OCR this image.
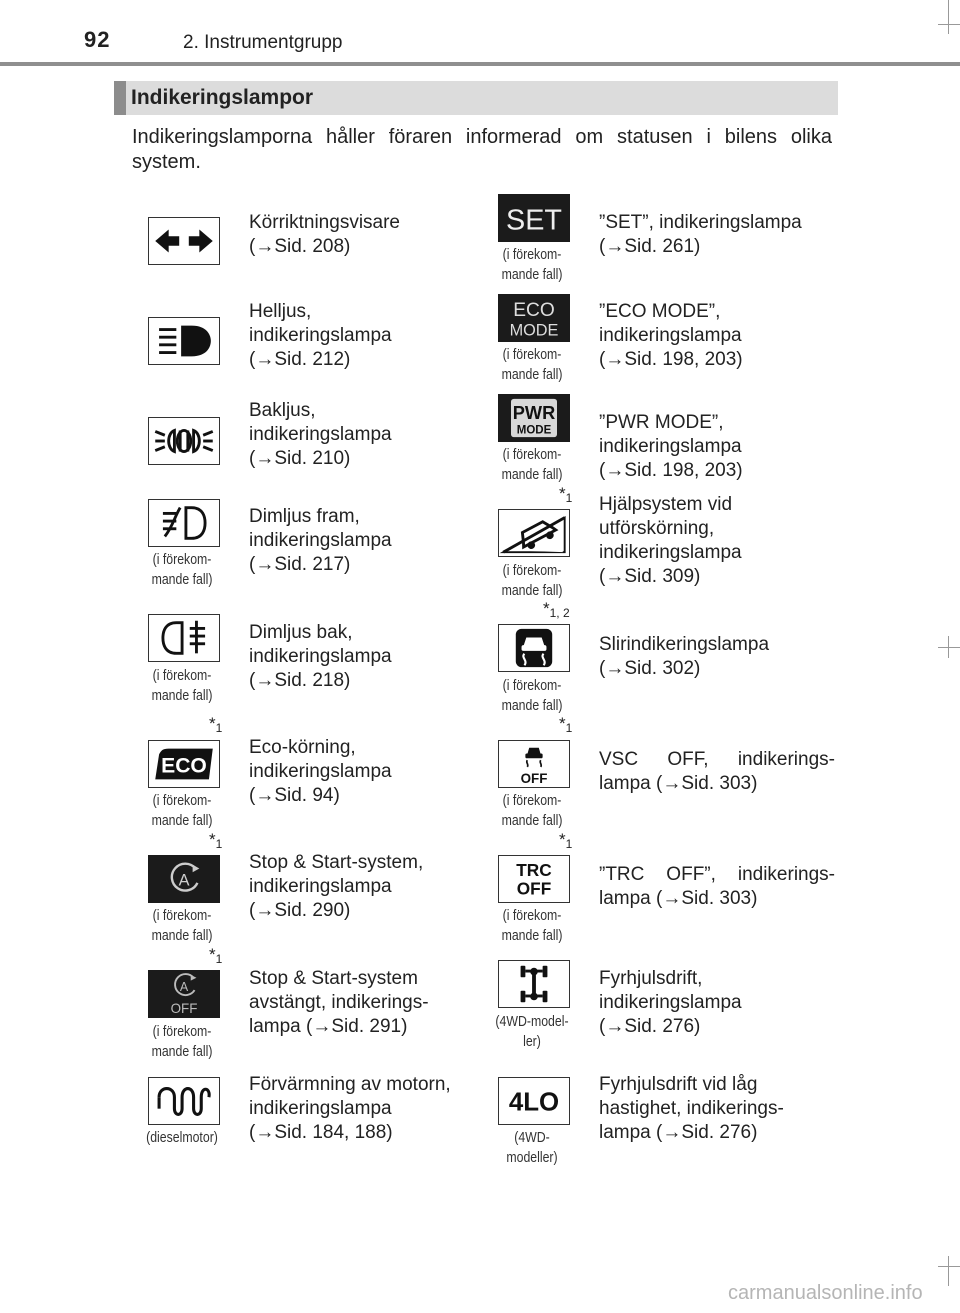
92	2. Instrumentgrupp
Indikeringslampor
Indikeringslamporna håller föraren informerad om statusen i bilens olika system.
Körriktningsvisare
(→Sid. 208)
Helljus,
indikeringslampa
(→Sid. 212)
Bakljus,
indikeringslampa
(→Sid. 210)
(i förekom-
mande fall)
Dimljus fram,
indikeringslampa
(→Sid. 217)
(i förekom-
mande fall)
Dimljus bak,
indikeringslampa
(→Sid. 218)
$*_1$
ECO
(i förekom-
mande fall)
Eco-körning,
indikeringslampa
(→Sid. 94)
$*_1$
A
(i förekom-
mande fall)
Stop & Start-system,
indikeringslampa
(→Sid. 290)
$*_1$
A
OFF
(i förekom-
mande fall)
Stop & Start-system
avstängt, indikerings-
lampa (→Sid. 291)
(dieselmotor)
Förvärmning av motorn,
indikeringslampa
(→Sid. 184, 188)
SET
(i förekom-
mande fall)
”SET”, indikeringslampa
(→Sid. 261)
ECO
MODE
(i förekom-
mande fall)
”ECO MODE”,
indikeringslampa
(→Sid. 198, 203)
PWR
MODE
(i förekom-
mande fall)
”PWR MODE”,
indikeringslampa
(→Sid. 198, 203)
$*_1$
(i förekom-
mande fall)
Hjälpsystem vid
utförskörning,
indikeringslampa
(→Sid. 309)
$*_{1, 2}$
(i förekom-
mande fall)
Slirindikeringslampa
(→Sid. 302)
$*_1$
OFF
(i förekom-
mande fall)
VSC OFF, indikerings-
lampa (→Sid. 303)
$*_1$
TRC
OFF
(i förekom-
mande fall)
”TRC OFF”, indikerings-
lampa (→Sid. 303)
(4WD-model-
ler)
Fyrhjulsdrift,
indikeringslampa
(→Sid. 276)
4LO
(4WD-modeller)
Fyrhjulsdrift vid låg
hastighet, indikerings-
lampa (→Sid. 276)
carmanualsonline.info
